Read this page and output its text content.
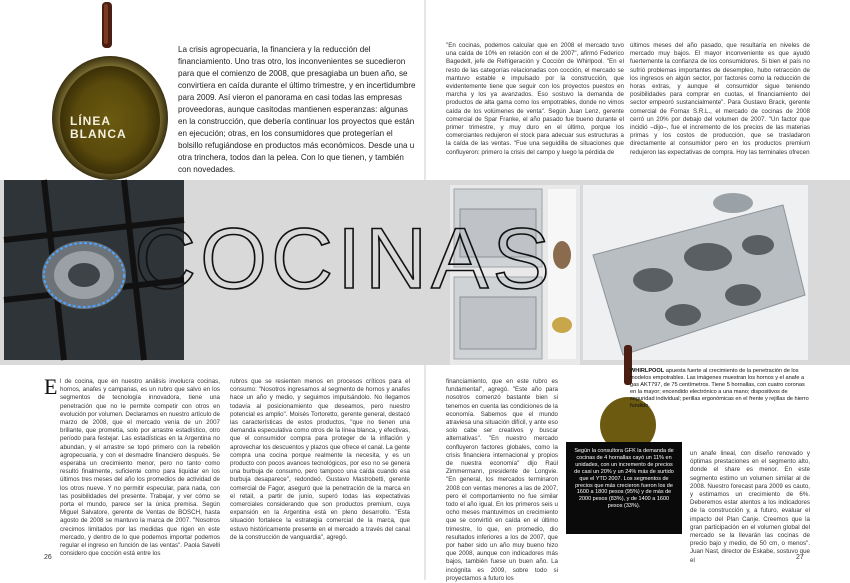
LÍNEA
BLANCA
La crisis agropecuaria, la financiera y la reducción del financiamiento. Uno tras otro, los inconvenientes se sucedieron para que el comienzo de 2008, que presagiaba un buen año, se convirtiera en caída durante el último trimestre, y en incertidumbre para 2009. Así vieron el panorama en casi todas las empresas proveedoras, aunque casitodas mantienen esperanzas: algunas en la construcción, que debería continuar los proyectos que están en ejecución; otras, en los consumidores que protegerían el bolsillo refugiándose en productos más económicos. Desde una u otra trinchera, todos dan la pelea. Con lo que tienen, y también con novedades.
"En cocinas, podemos calcular que en 2008 el mercado tuvo una caída de 10% en relación con el de 2007", afirmó Federico Bagedelt, jefe de Refrigeración y Cocción de Whirlpool. "En el resto de las categorías relacionadas con cocción, el mercado se mantuvo estable e impulsado por la construcción, que evidentemente tiene que seguir con los proyectos puestos en marcha y los ya avanzados. Eso sostuvo la demanda de productos de alta gama como los empotrables, donde no vimos caída de los volúmenes de venta". Según Juan Lenz, gerente comercial de Spar Franke, el año pasado fue bueno durante el primer trimestre, y muy duro en el último, porque los comerciantes redujeron el stock para adecuar sus estructuras a la caída de las ventas. "Fue una seguidilla de situaciones que confluyeron: primero la crisis del campo y luego la pérdida de
últimos meses del año pasado, que resultaría en niveles de mercado muy bajos. El mayor inconveniente es que ayudó fuertemente la confianza de los consumidores. Si bien el país no sufrió problemas importantes de desempleo, hubo retracción de los ingresos en algún sector, por factores como la reducción de horas extras, y aunque el consumidor sigue teniendo posibilidades para comprar en cuotas, el financiamiento del sector empeoró sustancialmente". Para Gustavo Brack, gerente comercial de Fornax S.R.L., el mercado de cocinas de 2008 cerró un 20% por debajo del volumen de 2007. "Un factor que incidió –dijo–, fue el incremento de los precios de las materias primas y los costos de producción, que se trasladaron directamente al consumidor pero en los productos premium redujeron las expectativas de compra. Hoy las terminales ofrecen
COCINAS
E l de cocina, que en nuestro análisis involucra cocinas, hornos, anafes y campanas, es un rubro que salvo en los segmentos de tecnología innovadora, tiene una penetración que no le permite competir con otros en evolución por volumen. Declaramos en nuestro artículo de marzo de 2008, que el mercado venía de un 2007 brillante, que prometía, solo por arrastre estadístico, otro período para festejar. Las estadísticas en la Argentina no abundan, y el arrastre se topó primero con la rebelión agropecuaria, y con el desmadre financiero después. Se esperaba un crecimiento menor, pero no tanto como resultó finalmente, suficiente como para liquidar en los últimos tres meses del año los promedios de actividad de los otros nueve. Y no permitir especular, para nada, con las posibilidades del presente. Trabajar, y ver cómo se porta el mundo, parece ser la única premisa. Según Miguel Salvatore, gerente de Ventas de BOSCH, hasta agosto de 2008 se mantuvo la marca de 2007. "Nosotros crecimos limitados por las medidas que rigen en este mercado, y dentro de lo que podemos importar podemos regular el ingreso en función de las ventas". Paola Savelli considero que cocción está entre los
rubros que se resienten menos en procesos críticos para el consumo: "Nosotros ingresamos al segmento de hornos y anafes hace un año y medio, y seguimos impulsándolo. No llegamos todavía al posicionamiento que deseamos, pero nuestro potencial es amplio". Moisés Tortoretto, gerente general, destacó las características de estos productos, "que no tienen una demanda especulativa como otros de la línea blanca, y efectivas, que el consumidor compra para proteger de la inflación y aprovechar los descuentos y plazos que ofrece el canal. La gente compra una cocina porque realmente la necesita, y es un producto con pocos avances tecnológicos, por eso no se genera una burbuja de consumo, pero tampoco una caída cuando esa burbuja desaparece", redondeó. Gustavo Mastrobetti, gerente comercial de Fagor, aseguró que la penetración de la marca en el retail, a partir de junio, superó todas las expectativas comerciales considerando que son productos premium, cuya expansión en la Argentina está en pleno desarrollo. "Esta situación fortalece la estrategia comercial de la marca, que estuvo históricamente presente en el mercado a través del canal de la construcción de vanguardia", agregó.
financiamiento, que en este rubro es fundamental", agregó. "Este año para nosotros comenzó bastante bien si tenemos en cuenta las condiciones de la economía. Sabemos que el mundo atraviesa una situación difícil, y ante eso solo cabe ser creativos y buscar alternativas". "En nuestro mercado confluyeron factores globales, como la crisis financiera internacional y propios de nuestra economía" dijo Raúl Zimmermann, presidente de Longvie. "En general, los mercados terminaron 2008 con ventas menores a las de 2007, pero el comportamiento no fue similar todo el año igual. En los primeros seis u ocho meses mantuvimos un crecimiento que se convirtió en caída en el último trimestre, lo que, en promedio, dio resultados inferiores a los de 2007, que por haber sido un año muy bueno hizo que 2008, aunque con indicadores más bajos, también fuese un buen año. La incógnita es 2009, sobre todo si proyectamos a futuro los
un anafe lineal, con diseño renovado y óptimas prestaciones en el segmento alto, donde el share es menor. En este segmento estimo un volumen similar al de 2008. Nuestro forecast para 2009 es cauto, y estimamos un crecimiento de 6%. Deberemos estar atentos a los indicadores de la construcción y, a futuro, evaluar el impacto del Plan Canje. Creemos que la gran participación en el volumen global del mercado se la llevarán las cocinas de precio bajo y medio, de 50 cm, o menos". Juan Nast, director de Eskabe, sostuvo que el
WHIRLPOOL apuesta fuerte al crecimiento de la penetración de los modelos empotrables. Las imágenes muestran los hornos y el anafe a gas AKT797, de 75 centímetros. Tiene 5 hornallas, con cuatro coronas en la mayor; encendido electrónico a una mano; dispositivos de seguridad individual; perillas ergonómicas en el frente y rejillas de hierro fundido.
Según la consultora GFK la demanda de cocinas de 4 hornallas cayó un 11% en unidades, con un incremento de precios de casi un 20% y un 24% más de surtido que el YTD 2007. Los segmentos de precios que más crecieron fueron los de 1600 a 1800 pesos (95%) y de más de 2000 pesos (83%), y de 1400 a 1600 pesos (33%).
26	27
